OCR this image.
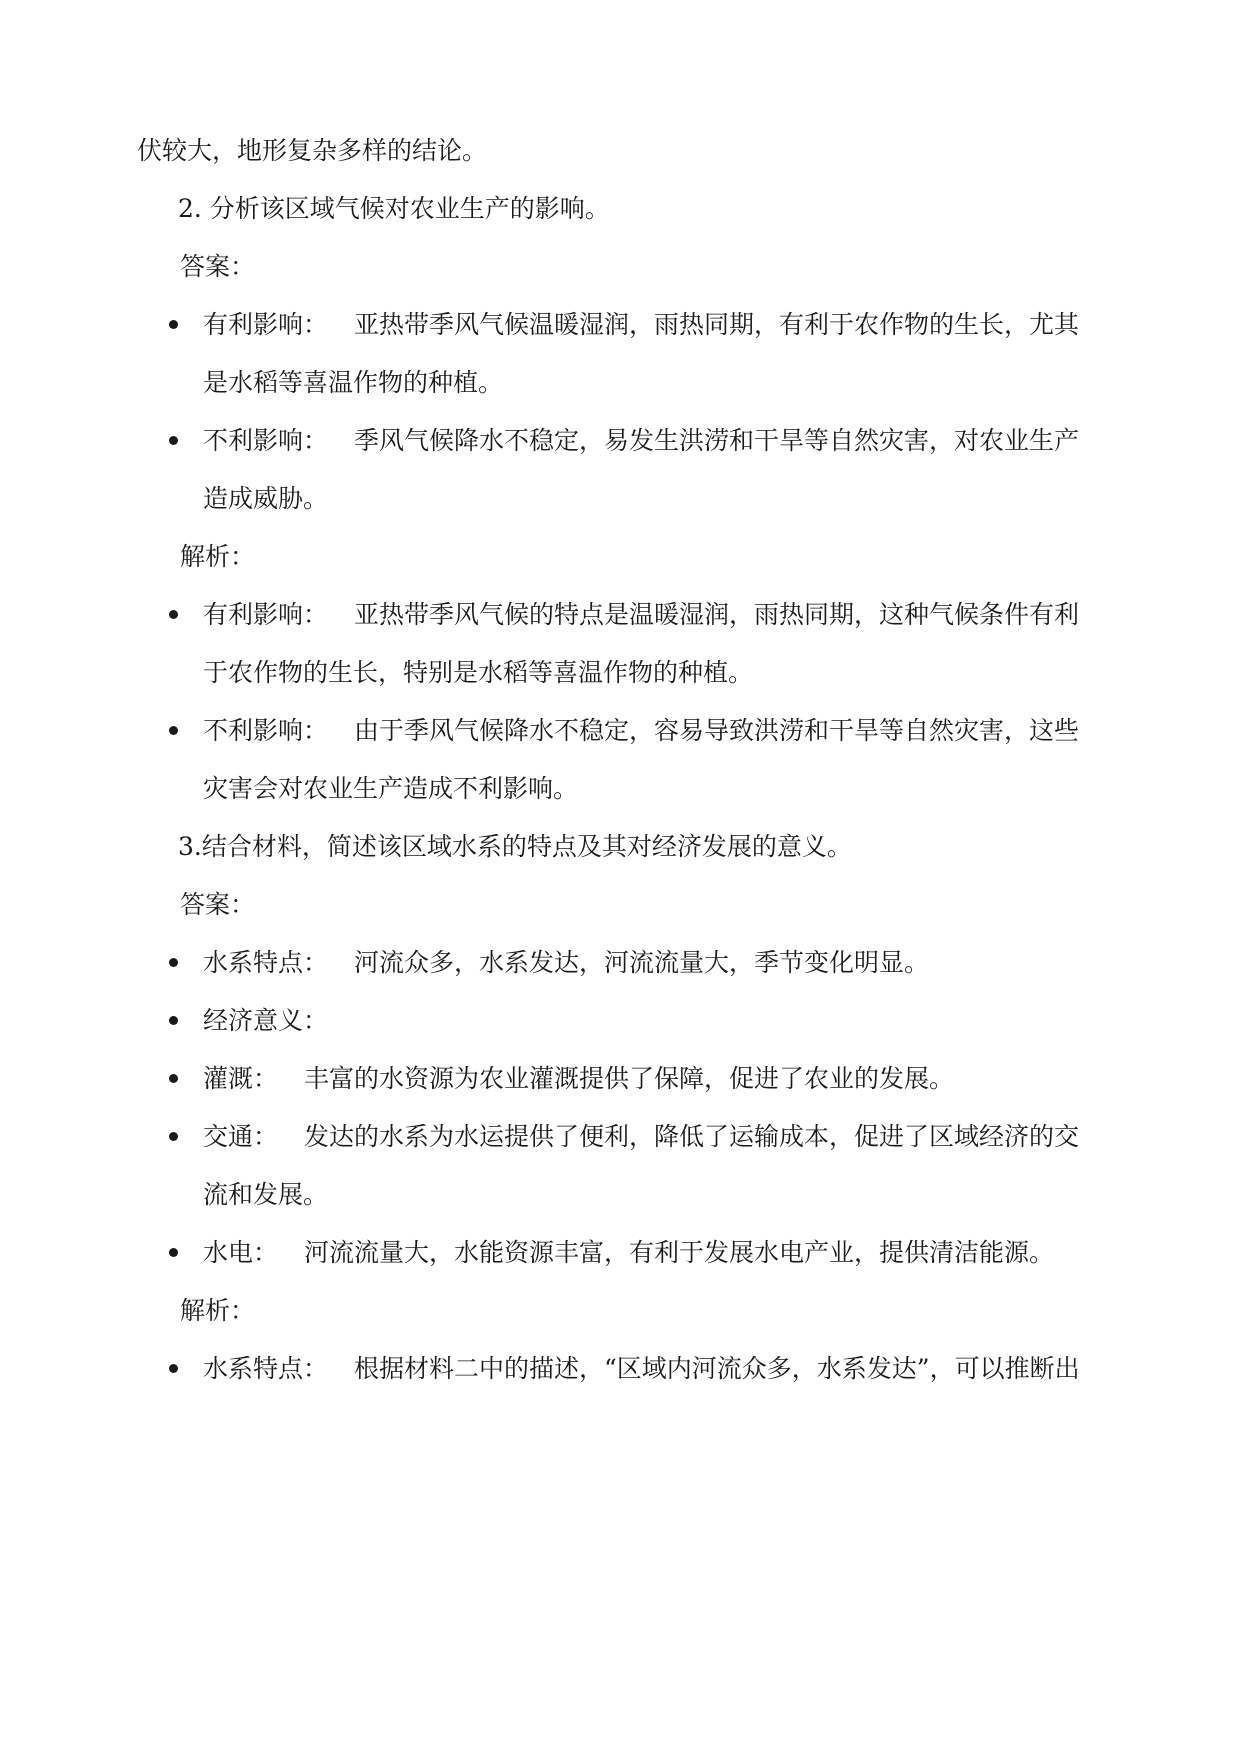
伏较大，地形复杂多样的结论。
2. 分析该区域气候对农业生产的影响。
答案：
有利影响： 亚热带季风气候温暖湿润，雨热同期，有利于农作物的生长，尤其
是水稻等喜温作物的种植。
不利影响： 季风气候降水不稳定，易发生洪涝和干旱等自然灾害，对农业生产
造成威胁。
解析：
有利影响： 亚热带季风气候的特点是温暖湿润，雨热同期，这种气候条件有利
于农作物的生长，特别是水稻等喜温作物的种植。
不利影响： 由于季风气候降水不稳定，容易导致洪涝和干旱等自然灾害，这些
灾害会对农业生产造成不利影响。
3.结合材料，简述该区域水系的特点及其对经济发展的意义。
答案：
水系特点： 河流众多，水系发达，河流流量大，季节变化明显。
经济意义：
灌溉： 丰富的水资源为农业灌溉提供了保障，促进了农业的发展。
交通： 发达的水系为水运提供了便利，降低了运输成本，促进了区域经济的交
流和发展。
水电： 河流流量大，水能资源丰富，有利于发展水电产业，提供清洁能源。
解析：
水系特点： 根据材料二中的描述，“区域内河流众多，水系发达”，可以推断出
